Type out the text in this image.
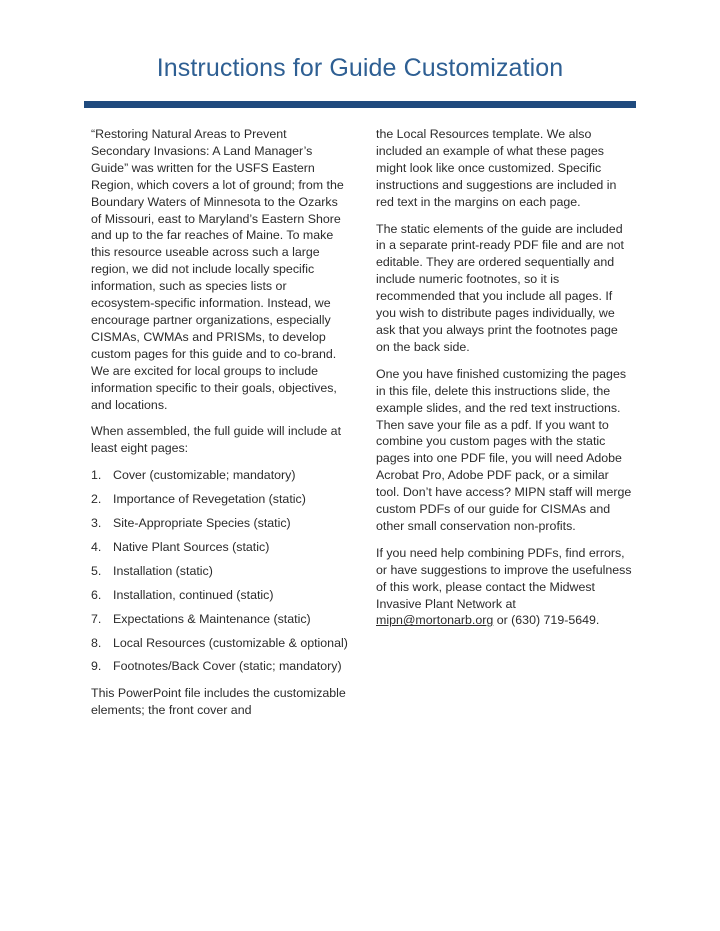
Instructions for Guide Customization

“Restoring Natural Areas to Prevent Secondary Invasions: A Land Manager’s Guide” was written for the USFS Eastern Region, which covers a lot of ground; from the Boundary Waters of Minnesota to the Ozarks of Missouri, east to Maryland’s Eastern Shore and up to the far reaches of Maine. To make this resource useable across such a large region, we did not include locally specific information, such as species lists or ecosystem-specific information. Instead, we encourage partner organizations, especially CISMAs, CWMAs and PRISMs, to develop custom pages for this guide and to co-brand. We are excited for local groups to include information specific to their goals, objectives, and locations.

When assembled, the full guide will include at least eight pages:

1. Cover (customizable; mandatory)
2. Importance of Revegetation (static)
3. Site-Appropriate Species (static)
4. Native Plant Sources (static)
5. Installation (static)
6. Installation, continued (static)
7. Expectations & Maintenance (static)
8. Local Resources (customizable & optional)
9. Footnotes/Back Cover (static; mandatory)

This PowerPoint file includes the customizable elements; the front cover and

the Local Resources template. We also included an example of what these pages might look like once customized. Specific instructions and suggestions are included in red text in the margins on each page.

The static elements of the guide are included in a separate print-ready PDF file and are not editable. They are ordered sequentially and include numeric footnotes, so it is recommended that you include all pages. If you wish to distribute pages individually, we ask that you always print the footnotes page on the back side.

One you have finished customizing the pages in this file, delete this instructions slide, the example slides, and the red text instructions. Then save your file as a pdf. If you want to combine you custom pages with the static pages into one PDF file, you will need Adobe Acrobat Pro, Adobe PDF pack, or a similar tool. Don’t have access? MIPN staff will merge custom PDFs of our guide for CISMAs and other small conservation non-profits.

If you need help combining PDFs, find errors, or have suggestions to improve the usefulness of this work, please contact the Midwest Invasive Plant Network at mipn@mortonarb.org or (630) 719-5649.
